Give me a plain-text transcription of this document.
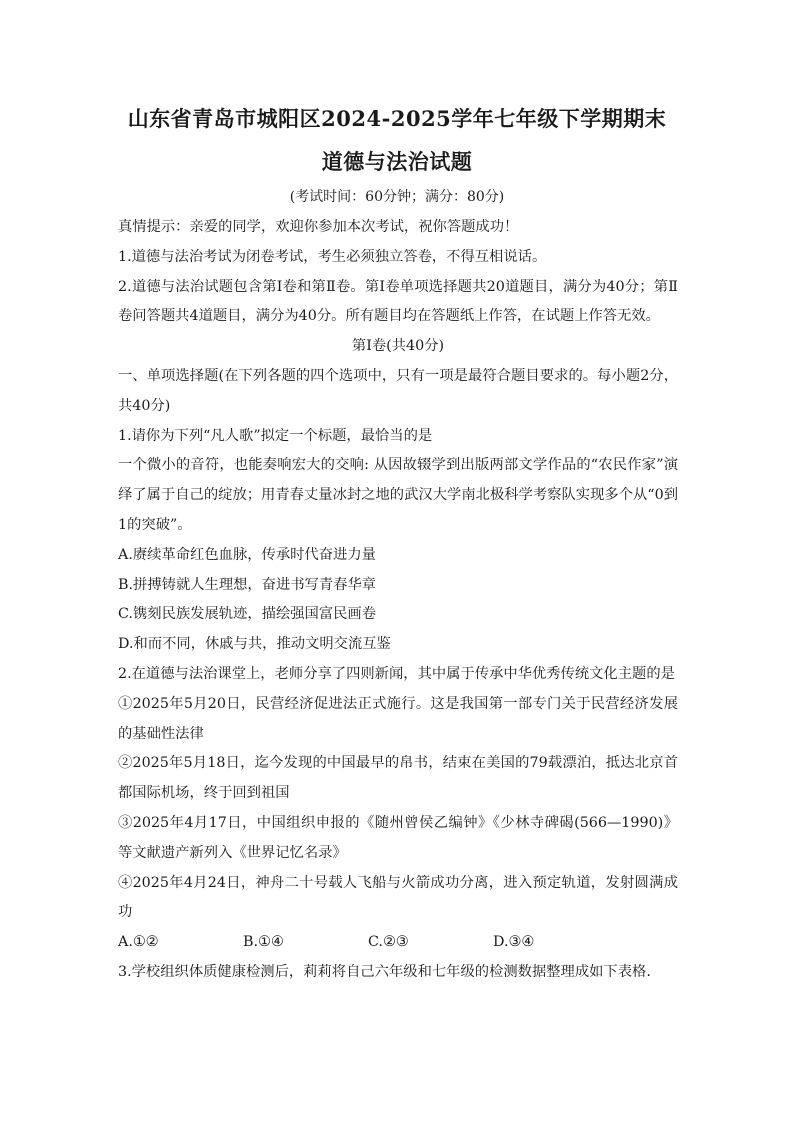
山东省青岛市城阳区2024-2025学年七年级下学期期末
道德与法治试题
(考试时间：60分钟；满分：80分)

真情提示：亲爱的同学，欢迎你参加本次考试，祝你答题成功！

1.道德与法治考试为闭卷考试，考生必须独立答卷，不得互相说话。

2.道德与法治试题包含第Ⅰ卷和第Ⅱ卷。第Ⅰ卷单项选择题共20道题目，满分为40分；第Ⅱ卷问答题共4道题目，满分为40分。所有题目均在答题纸上作答，在试题上作答无效。

第Ⅰ卷(共40分)

一、单项选择题(在下列各题的四个选项中，只有一项是最符合题目要求的。每小题2分，共40分)

1.请你为下列“凡人歌”拟定一个标题，最恰当的是

一个微小的音符，也能奏响宏大的交响: 从因故辍学到出版两部文学作品的“农民作家”演绎了属于自己的绽放；用青春丈量冰封之地的武汉大学南北极科学考察队实现多个从“0到1的突破”。

A.赓续革命红色血脉，传承时代奋进力量

B.拼搏铸就人生理想，奋进书写青春华章

C.镌刻民族发展轨迹，描绘强国富民画卷

D.和而不同，休戚与共，推动文明交流互鉴

2.在道德与法治课堂上，老师分享了四则新闻，其中属于传承中华优秀传统文化主题的是

①2025年5月20日，民营经济促进法正式施行。这是我国第一部专门关于民营经济发展的基础性法律

②2025年5月18日，迄今发现的中国最早的帛书，结束在美国的79载漂泊，抵达北京首都国际机场，终于回到祖国

③2025年4月17日，中国组织申报的《随州曾侯乙编钟》《少林寺碑碣(566—1990)》等文献遗产新列入《世界记忆名录》

④2025年4月24日，神舟二十号载人飞船与火箭成功分离，进入预定轨道，发射圆满成功

A.①②	B.①④	C.②③	D.③④

3.学校组织体质健康检测后，莉莉将自己六年级和七年级的检测数据整理成如下表格.
